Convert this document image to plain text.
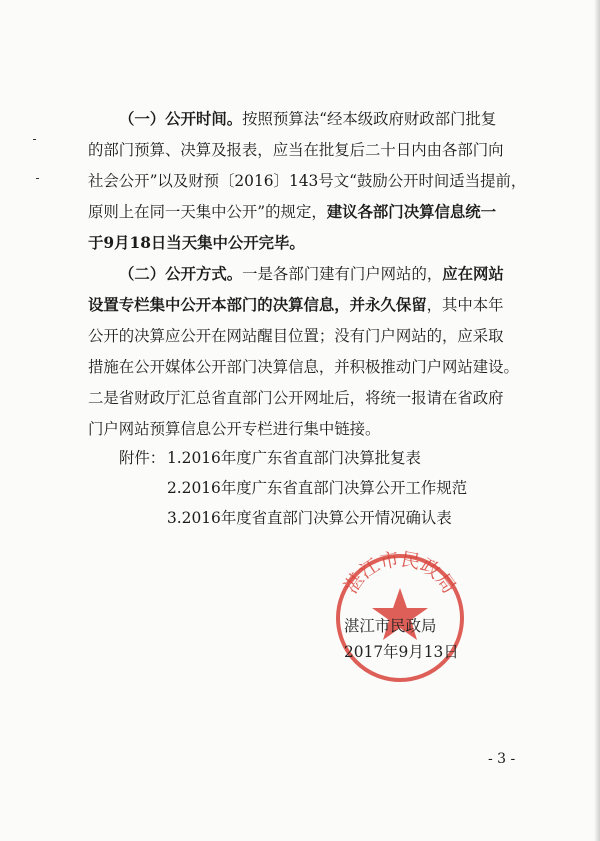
（一）公开时间。按照预算法“经本级政府财政部门批复
的部门预算、决算及报表，应当在批复后二十日内由各部门向
社会公开”以及财预〔2016〕143号文“鼓励公开时间适当提前，
原则上在同一天集中公开”的规定，建议各部门决算信息统一
于9月18日当天集中公开完毕。

（二）公开方式。一是各部门建有门户网站的，应在网站
设置专栏集中公开本部门的决算信息，并永久保留，其中本年
公开的决算应公开在网站醒目位置；没有门户网站的，应采取
措施在公开媒体公开部门决算信息，并积极推动门户网站建设。
二是省财政厅汇总省直部门公开网址后，将统一报请在省政府
门户网站预算信息公开专栏进行集中链接。

附件： 1.2016年度广东省直部门决算批复表
2.2016年度广东省直部门决算公开工作规范
3.2016年度省直部门决算公开情况确认表
湛江市民政局
湛江市民政局
2017年9月13日
- 3 -
